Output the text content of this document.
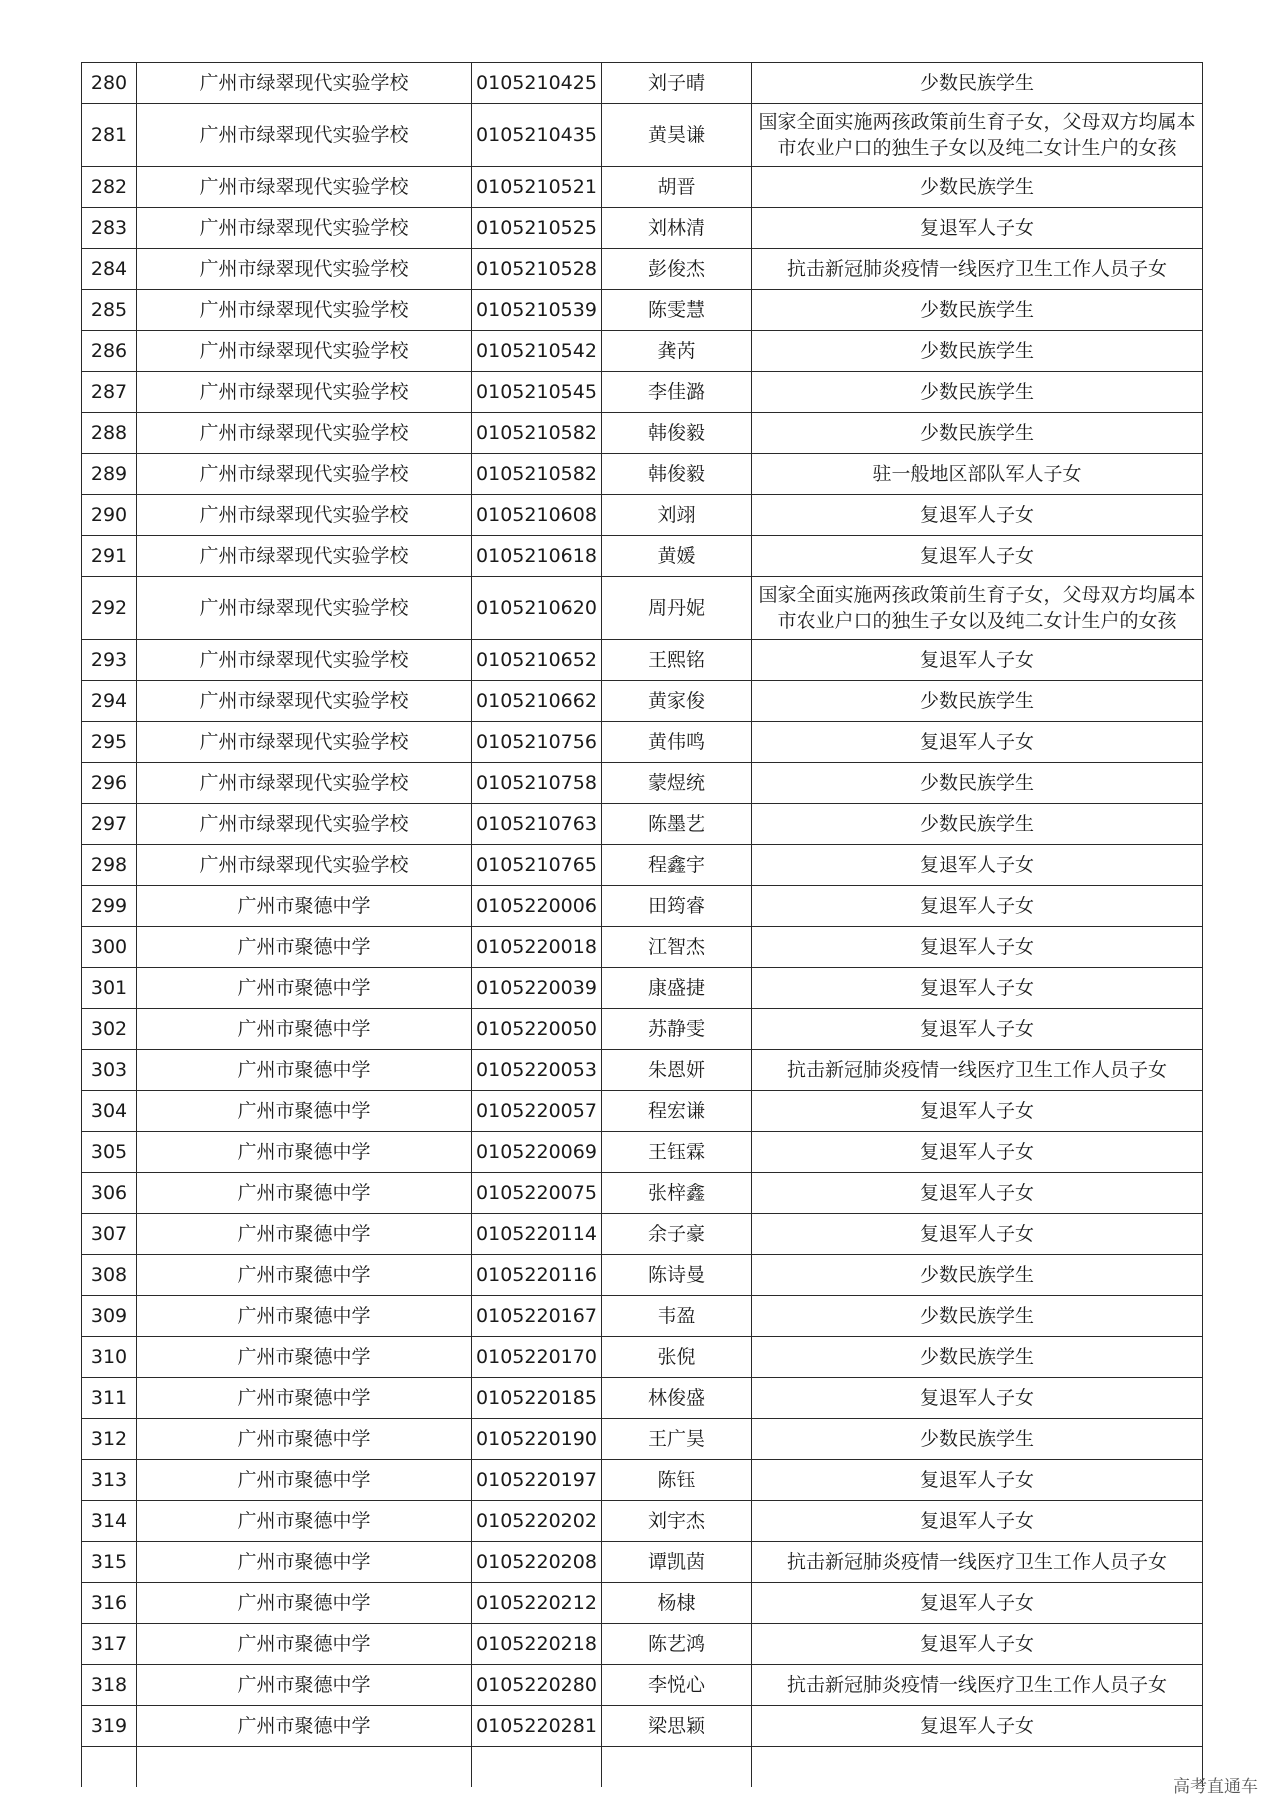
280	广州市绿翠现代实验学校	0105210425	刘子晴	少数民族学生
281	广州市绿翠现代实验学校	0105210435	黄昊谦	国家全面实施两孩政策前生育子女，父母双方均属本市农业户口的独生子女以及纯二女计生户的女孩
282	广州市绿翠现代实验学校	0105210521	胡晋	少数民族学生
283	广州市绿翠现代实验学校	0105210525	刘林清	复退军人子女
284	广州市绿翠现代实验学校	0105210528	彭俊杰	抗击新冠肺炎疫情一线医疗卫生工作人员子女
285	广州市绿翠现代实验学校	0105210539	陈雯慧	少数民族学生
286	广州市绿翠现代实验学校	0105210542	龚芮	少数民族学生
287	广州市绿翠现代实验学校	0105210545	李佳潞	少数民族学生
288	广州市绿翠现代实验学校	0105210582	韩俊毅	少数民族学生
289	广州市绿翠现代实验学校	0105210582	韩俊毅	驻一般地区部队军人子女
290	广州市绿翠现代实验学校	0105210608	刘翊	复退军人子女
291	广州市绿翠现代实验学校	0105210618	黄媛	复退军人子女
292	广州市绿翠现代实验学校	0105210620	周丹妮	国家全面实施两孩政策前生育子女，父母双方均属本市农业户口的独生子女以及纯二女计生户的女孩
293	广州市绿翠现代实验学校	0105210652	王熙铭	复退军人子女
294	广州市绿翠现代实验学校	0105210662	黄家俊	少数民族学生
295	广州市绿翠现代实验学校	0105210756	黄伟鸣	复退军人子女
296	广州市绿翠现代实验学校	0105210758	蒙煜统	少数民族学生
297	广州市绿翠现代实验学校	0105210763	陈墨艺	少数民族学生
298	广州市绿翠现代实验学校	0105210765	程鑫宇	复退军人子女
299	广州市聚德中学	0105220006	田筠睿	复退军人子女
300	广州市聚德中学	0105220018	江智杰	复退军人子女
301	广州市聚德中学	0105220039	康盛捷	复退军人子女
302	广州市聚德中学	0105220050	苏静雯	复退军人子女
303	广州市聚德中学	0105220053	朱恩妍	抗击新冠肺炎疫情一线医疗卫生工作人员子女
304	广州市聚德中学	0105220057	程宏谦	复退军人子女
305	广州市聚德中学	0105220069	王钰霖	复退军人子女
306	广州市聚德中学	0105220075	张梓鑫	复退军人子女
307	广州市聚德中学	0105220114	余子豪	复退军人子女
308	广州市聚德中学	0105220116	陈诗曼	少数民族学生
309	广州市聚德中学	0105220167	韦盈	少数民族学生
310	广州市聚德中学	0105220170	张倪	少数民族学生
311	广州市聚德中学	0105220185	林俊盛	复退军人子女
312	广州市聚德中学	0105220190	王广昊	少数民族学生
313	广州市聚德中学	0105220197	陈钰	复退军人子女
314	广州市聚德中学	0105220202	刘宇杰	复退军人子女
315	广州市聚德中学	0105220208	谭凯茵	抗击新冠肺炎疫情一线医疗卫生工作人员子女
316	广州市聚德中学	0105220212	杨棣	复退军人子女
317	广州市聚德中学	0105220218	陈艺鸿	复退军人子女
318	广州市聚德中学	0105220280	李悦心	抗击新冠肺炎疫情一线医疗卫生工作人员子女
319	广州市聚德中学	0105220281	梁思颖	复退军人子女

高考直通车
